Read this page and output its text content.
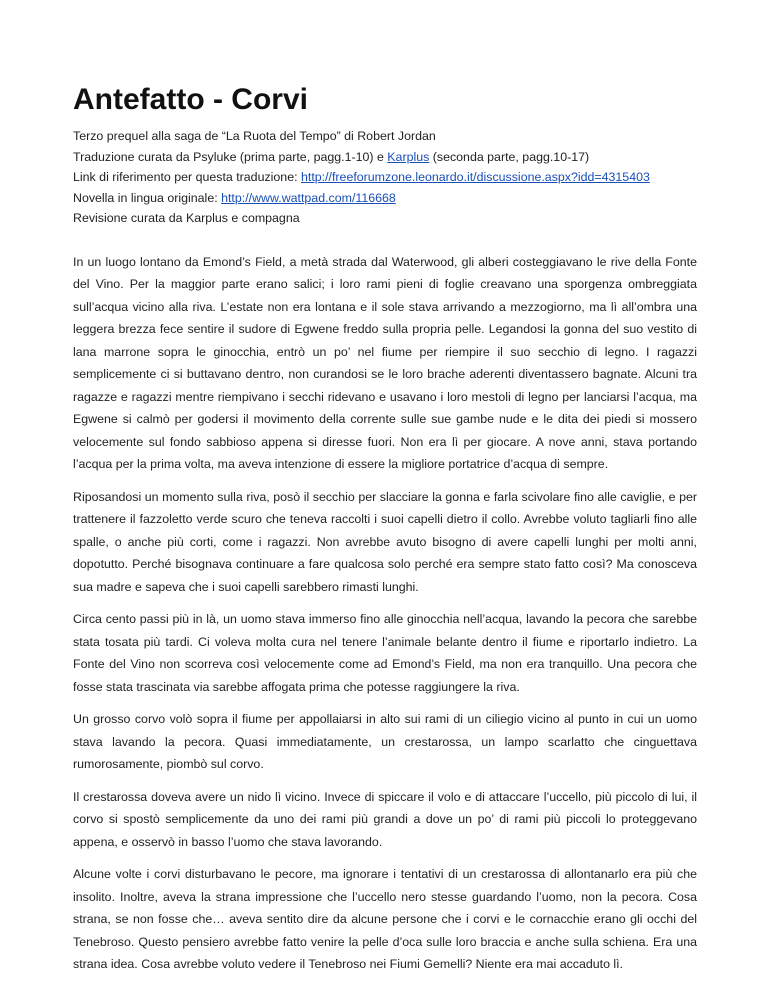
Antefatto - Corvi

Terzo prequel alla saga de “La Ruota del Tempo” di Robert Jordan

Traduzione curata da Psyluke (prima parte, pagg.1-10) e Karplus (seconda parte, pagg.10-17)

Link di riferimento per questa traduzione: http://freeforumzone.leonardo.it/discussione.aspx?idd=4315403

Novella in lingua originale: http://www.wattpad.com/116668

Revisione curata da Karplus e compagna

In un luogo lontano da Emond’s Field, a metà strada dal Waterwood, gli alberi costeggiavano le rive della Fonte del Vino. Per la maggior parte erano salici; i loro rami pieni di foglie creavano una sporgenza ombreggiata sull’acqua vicino alla riva. L’estate non era lontana e il sole stava arrivando a mezzogiorno, ma lì all’ombra una leggera brezza fece sentire il sudore di Egwene freddo sulla propria pelle. Legandosi la gonna del suo vestito di lana marrone sopra le ginocchia, entrò un po’ nel fiume per riempire il suo secchio di legno. I ragazzi semplicemente ci si buttavano dentro, non curandosi se le loro brache aderenti diventassero bagnate. Alcuni tra ragazze e ragazzi mentre riempivano i secchi ridevano e usavano i loro mestoli di legno per lanciarsi l’acqua, ma Egwene si calmò per godersi il movimento della corrente sulle sue gambe nude e le dita dei piedi si mossero velocemente sul fondo sabbioso appena si diresse fuori. Non era lì per giocare. A nove anni, stava portando l’acqua per la prima volta, ma aveva intenzione di essere la migliore portatrice d’acqua di sempre.

Riposandosi un momento sulla riva, posò il secchio per slacciare la gonna e farla scivolare fino alle caviglie, e per trattenere il fazzoletto verde scuro che teneva raccolti i suoi capelli dietro il collo. Avrebbe voluto tagliarli fino alle spalle, o anche più corti, come i ragazzi. Non avrebbe avuto bisogno di avere capelli lunghi per molti anni, dopotutto. Perché bisognava continuare a fare qualcosa solo perché era sempre stato fatto così? Ma conosceva sua madre e sapeva che i suoi capelli sarebbero rimasti lunghi.

Circa cento passi più in là, un uomo stava immerso fino alle ginocchia nell’acqua, lavando la pecora che sarebbe stata tosata più tardi. Ci voleva molta cura nel tenere l’animale belante dentro il fiume e riportarlo indietro. La Fonte del Vino non scorreva così velocemente come ad Emond’s Field, ma non era tranquillo. Una pecora che fosse stata trascinata via sarebbe affogata prima che potesse raggiungere la riva.

Un grosso corvo volò sopra il fiume per appollaiarsi in alto sui rami di un ciliegio vicino al punto in cui un uomo stava lavando la pecora. Quasi immediatamente, un crestarossa, un lampo scarlatto che cinguettava rumorosamente, piombò sul corvo.

Il crestarossa doveva avere un nido lì vicino. Invece di spiccare il volo e di attaccare l’uccello, più piccolo di lui, il corvo si spostò semplicemente da uno dei rami più grandi a dove un po’ di rami più piccoli lo proteggevano appena, e osservò in basso l’uomo che stava lavorando.

Alcune volte i corvi disturbavano le pecore, ma ignorare i tentativi di un crestarossa di allontanarlo era più che insolito. Inoltre, aveva la strana impressione che l’uccello nero stesse guardando l’uomo, non la pecora. Cosa strana, se non fosse che… aveva sentito dire da alcune persone che i corvi e le cornacchie erano gli occhi del Tenebroso. Questo pensiero avrebbe fatto venire la pelle d’oca sulle loro braccia e anche sulla schiena. Era una strana idea. Cosa avrebbe voluto vedere il Tenebroso nei Fiumi Gemelli? Niente era mai accaduto lì.
